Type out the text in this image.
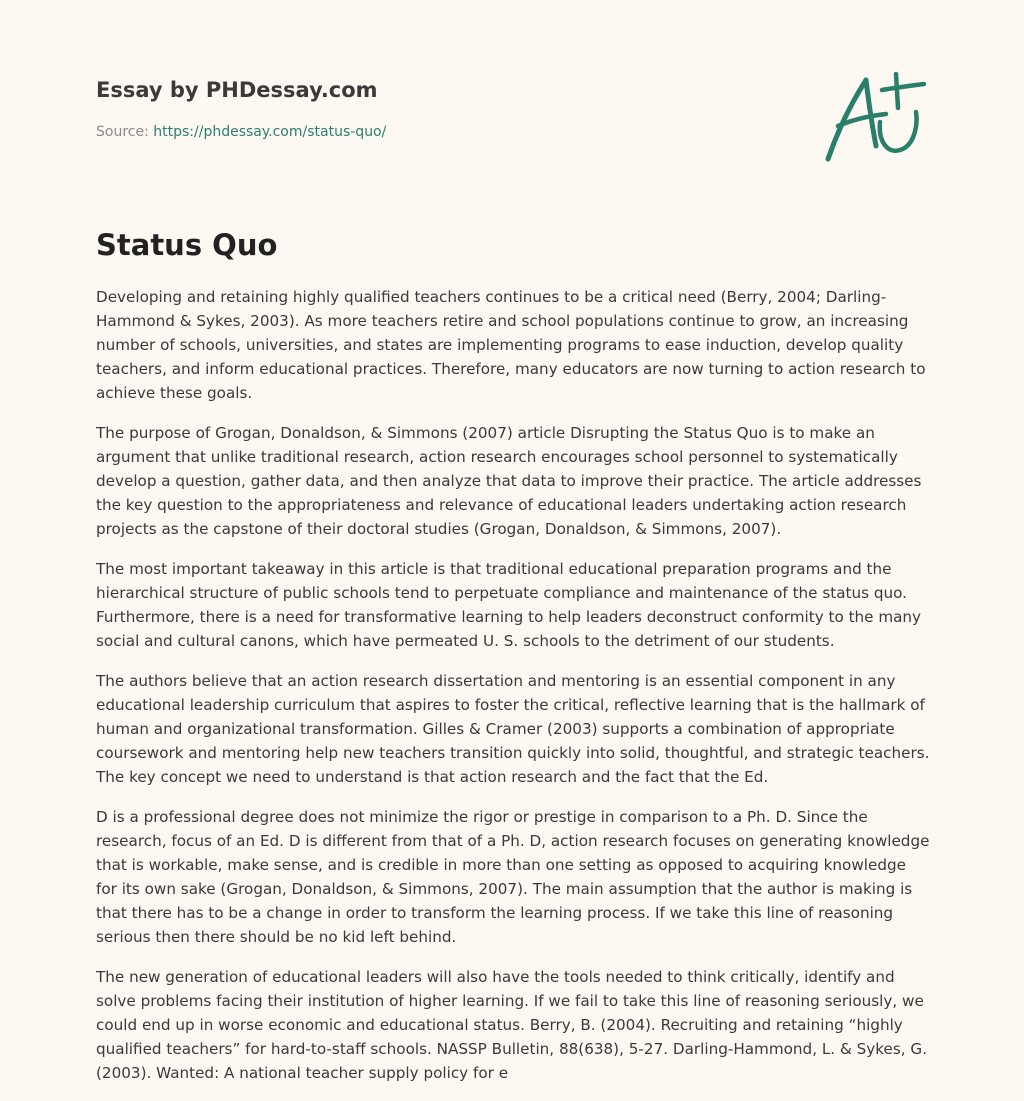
Essay by PHDessay.com
Source: https://phdessay.com/status-quo/
Status Quo

Developing and retaining highly qualified teachers continues to be a critical need (Berry, 2004; Darling-Hammond & Sykes, 2003). As more teachers retire and school populations continue to grow, an increasing number of schools, universities, and states are implementing programs to ease induction, develop quality teachers, and inform educational practices. Therefore, many educators are now turning to action research to achieve these goals.

The purpose of Grogan, Donaldson, & Simmons (2007) article Disrupting the Status Quo is to make an argument that unlike traditional research, action research encourages school personnel to systematically develop a question, gather data, and then analyze that data to improve their practice. The article addresses the key question to the appropriateness and relevance of educational leaders undertaking action research projects as the capstone of their doctoral studies (Grogan, Donaldson, & Simmons, 2007).

The most important takeaway in this article is that traditional educational preparation programs and the hierarchical structure of public schools tend to perpetuate compliance and maintenance of the status quo. Furthermore, there is a need for transformative learning to help leaders deconstruct conformity to the many social and cultural canons, which have permeated U. S. schools to the detriment of our students.

The authors believe that an action research dissertation and mentoring is an essential component in any educational leadership curriculum that aspires to foster the critical, reflective learning that is the hallmark of human and organizational transformation. Gilles & Cramer (2003) supports a combination of appropriate coursework and mentoring help new teachers transition quickly into solid, thoughtful, and strategic teachers. The key concept we need to understand is that action research and the fact that the Ed.

D is a professional degree does not minimize the rigor or prestige in comparison to a Ph. D. Since the research, focus of an Ed. D is different from that of a Ph. D, action research focuses on generating knowledge that is workable, make sense, and is credible in more than one setting as opposed to acquiring knowledge for its own sake (Grogan, Donaldson, & Simmons, 2007). The main assumption that the author is making is that there has to be a change in order to transform the learning process. If we take this line of reasoning serious then there should be no kid left behind.

The new generation of educational leaders will also have the tools needed to think critically, identify and solve problems facing their institution of higher learning. If we fail to take this line of reasoning seriously, we could end up in worse economic and educational status. Berry, B. (2004). Recruiting and retaining “highly qualified teachers” for hard-to-staff schools. NASSP Bulletin, 88(638), 5-27. Darling-Hammond, L. & Sykes, G. (2003). Wanted: A national teacher supply policy for e
